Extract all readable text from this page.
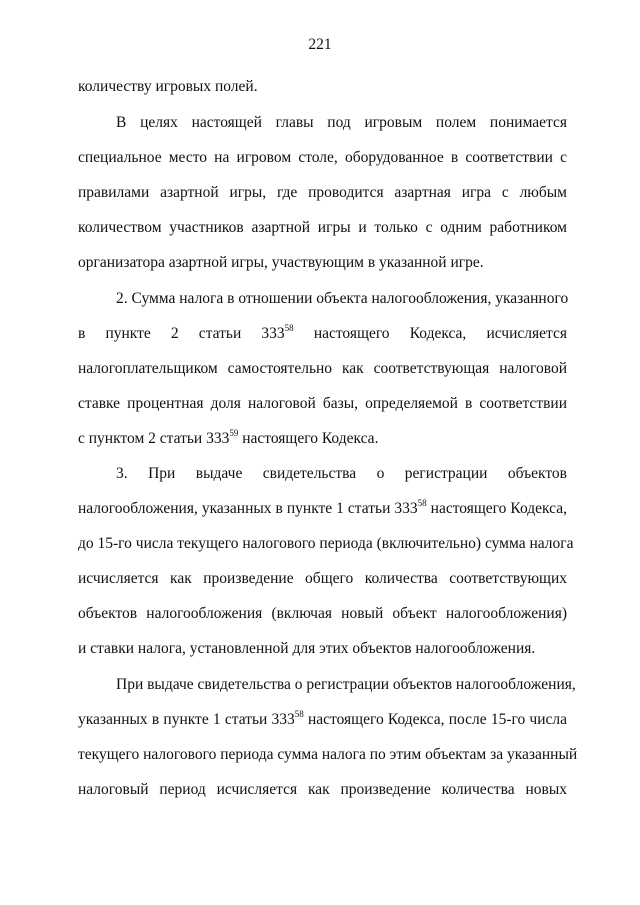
221
количеству игровых полей.
В целях настоящей главы под игровым полем понимается
специальное место на игровом столе, оборудованное в соответствии с
правилами азартной игры, где проводится азартная игра с любым
количеством участников азартной игры и только с одним работником
организатора азартной игры, участвующим в указанной игре.
2. Сумма налога в отношении объекта налогообложения, указанного
в пункте 2 статьи $333^{58}$ настоящего Кодекса, исчисляется
налогоплательщиком самостоятельно как соответствующая налоговой
ставке процентная доля налоговой базы, определяемой в соответствии
с пунктом 2 статьи $333^{59}$ настоящего Кодекса.
3. При выдаче свидетельства о регистрации объектов
налогообложения, указанных в пункте 1 статьи $333^{58}$ настоящего Кодекса,
до 15-го числа текущего налогового периода (включительно) сумма налога
исчисляется как произведение общего количества соответствующих
объектов налогообложения (включая новый объект налогообложения)
и ставки налога, установленной для этих объектов налогообложения.
При выдаче свидетельства о регистрации объектов налогообложения,
указанных в пункте 1 статьи $333^{58}$ настоящего Кодекса, после 15-го числа
текущего налогового периода сумма налога по этим объектам за указанный
налоговый период исчисляется как произведение количества новых
